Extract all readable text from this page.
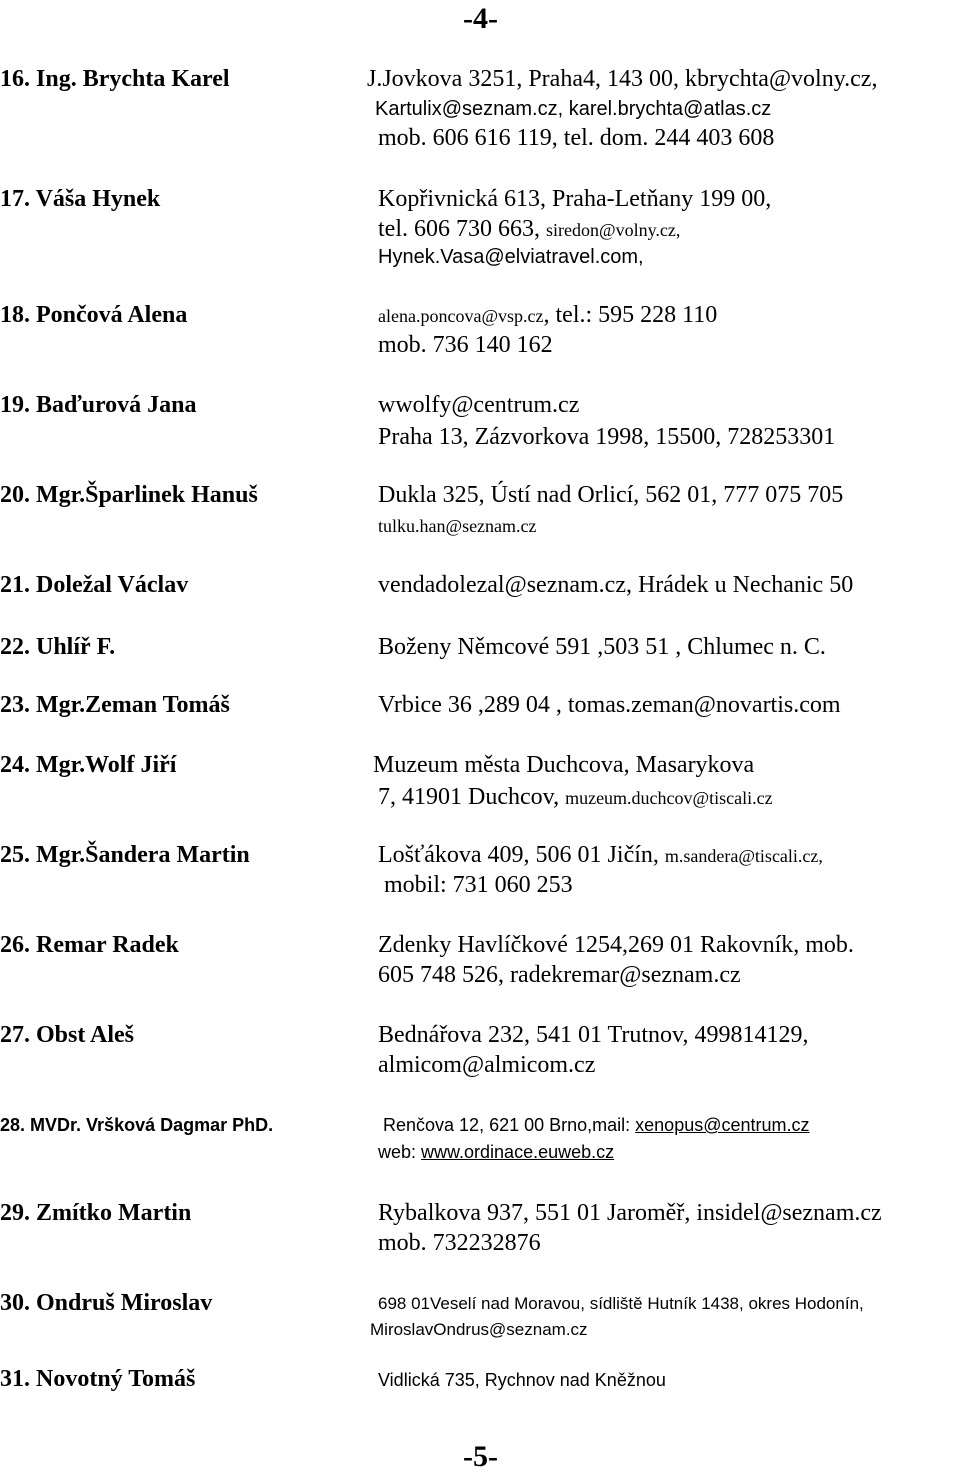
-4-
16. Ing. Brychta Karel	J.Jovkova 3251, Praha4, 143 00, kbrychta@volny.cz,
Kartulix@seznam.cz, karel.brychta@atlas.cz
mob. 606 616 119, tel. dom. 244 403 608
17. Váša Hynek	Kopřivnická 613, Praha-Letňany 199 00,
tel. 606 730 663, siredon@volny.cz,
Hynek.Vasa@elviatravel.com,
18. Pončová Alena	alena.poncova@vsp.cz, tel.: 595 228 110
mob. 736 140 162
19. Baďurová Jana	wwolfy@centrum.cz
Praha 13, Zázvorkova 1998, 15500, 728253301
20. Mgr.Šparlinek Hanuš	Dukla 325, Ústí nad Orlicí, 562 01, 777 075 705
tulku.han@seznam.cz
21. Doležal Václav	vendadolezal@seznam.cz, Hrádek u Nechanic 50
22. Uhlíř F.	Boženy Němcové 591 ,503 51 , Chlumec n. C.
23. Mgr.Zeman Tomáš	Vrbice 36 ,289 04 , tomas.zeman@novartis.com
24. Mgr.Wolf Jiří	Muzeum města Duchcova, Masarykova
7, 41901 Duchcov, muzeum.duchcov@tiscali.cz
25. Mgr.Šandera Martin	Lošťákova 409, 506 01 Jičín, m.sandera@tiscali.cz,
mobil: 731 060 253
26. Remar Radek	Zdenky Havlíčkové 1254,269 01 Rakovník, mob.
605 748 526, radekremar@seznam.cz
27. Obst Aleš	Bednářova 232, 541 01 Trutnov, 499814129,
almicom@almicom.cz
28. MVDr. Vršková Dagmar PhD.	Renčova 12, 621 00 Brno,mail: xenopus@centrum.cz
web: www.ordinace.euweb.cz
29. Zmítko Martin	Rybalkova 937, 551 01 Jaroměř, insidel@seznam.cz
mob. 732232876
30. Ondruš Miroslav	698 01Veselí nad Moravou, sídliště Hutník 1438, okres Hodonín,
MiroslavOndrus@seznam.cz
31. Novotný Tomáš	Vidlická 735, Rychnov nad Kněžnou
-5-
